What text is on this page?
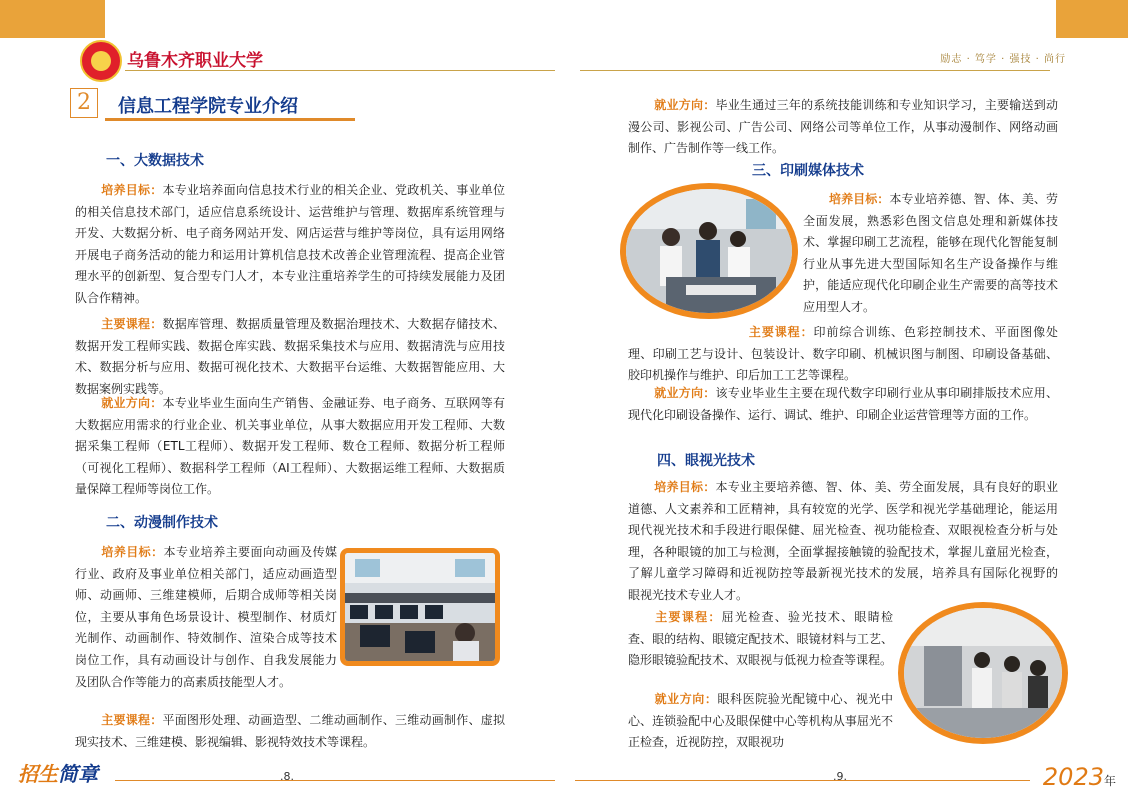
乌鲁木齐职业大学	励志 · 笃学 · 强技 · 尚行
2	信息工程学院专业介绍
一、大数据技术

培养目标：本专业培养面向信息技术行业的相关企业、党政机关、事业单位的相关信息技术部门，适应信息系统设计、运营维护与管理、数据库系统管理与开发、大数据分析、电子商务网站开发、网店运营与维护等岗位，具有运用网络开展电子商务活动的能力和运用计算机信息技术改善企业管理流程、提高企业管理水平的创新型、复合型专门人才，本专业注重培养学生的可持续发展能力及团队合作精神。

主要课程：数据库管理、数据质量管理及数据治理技术、大数据存储技术、数据开发工程师实践、数据仓库实践、数据采集技术与应用、数据清洗与应用技术、数据分析与应用、数据可视化技术、大数据平台运维、大数据智能应用、大数据案例实践等。

就业方向：本专业毕业生面向生产销售、金融证券、电子商务、互联网等有大数据应用需求的行业企业、机关事业单位，从事大数据应用开发工程师、大数据采集工程师（ETL工程师）、数据开发工程师、数仓工程师、数据分析工程师（可视化工程师）、数据科学工程师（AI工程师）、大数据运维工程师、大数据质量保障工程师等岗位工作。

二、动漫制作技术

培养目标：本专业培养主要面向动画及传媒行业、政府及事业单位相关部门，适应动画造型师、动画师、三维建模师，后期合成师等相关岗位，主要从事角色场景设计、模型制作、材质灯光制作、动画制作、特效制作、渲染合成等技术岗位工作，具有动画设计与创作、自我发展能力及团队合作等能力的高素质技能型人才。

主要课程：平面图形处理、动画造型、二维动画制作、三维动画制作、虚拟现实技术、三维建模、影视编辑、影视特效技术等课程。

就业方向：毕业生通过三年的系统技能训练和专业知识学习，主要输送到动漫公司、影视公司、广告公司、网络公司等单位工作，从事动漫制作、网络动画制作、广告制作等一线工作。

三、印刷媒体技术

培养目标：本专业培养德、智、体、美、劳全面发展，熟悉彩色图文信息处理和新媒体技术、掌握印刷工艺流程，能够在现代化智能复制行业从事先进大型国际知名生产设备操作与维护，能适应现代化印刷企业生产需要的高等技术应用型人才。

主要课程：印前综合训练、色彩控制技术、平面图像处理、印刷工艺与设计、包装设计、数字印刷、机械识图与制图、印刷设备基础、胶印机操作与维护、印后加工工艺等课程。

就业方向：该专业毕业生主要在现代数字印刷行业从事印刷排版技术应用、现代化印刷设备操作、运行、调试、维护、印刷企业运营管理等方面的工作。

四、眼视光技术

培养目标：本专业主要培养德、智、体、美、劳全面发展，具有良好的职业道德、人文素养和工匠精神，具有较宽的光学、医学和视光学基础理论，能运用现代视光技术和手段进行眼保健、屈光检查、视功能检查、双眼视检查分析与处理，各种眼镜的加工与检测，全面掌握接触镜的验配技术，掌握儿童屈光检查，了解儿童学习障碍和近视防控等最新视光技术的发展，培养具有国际化视野的　眼视光技术专业人才。

主要课程：屈光检查、验光技术、眼睛检查、眼的结构、眼镜定配技术、眼镜材料与工艺、隐形眼镜验配技术、双眼视与低视力检查等课程。

就业方向：眼科医院验光配镜中心、视光中心、连锁验配中心及眼保健中心等机构从事屈光不正检查，近视防控，双眼视功

招生简章	.8.	.9.	2023年
